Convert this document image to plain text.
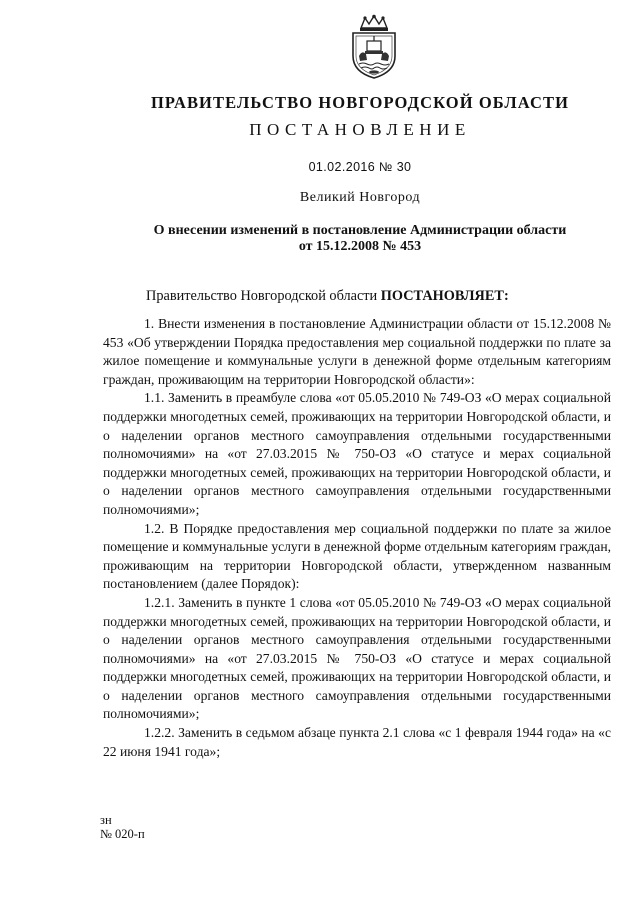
ПРАВИТЕЛЬСТВО НОВГОРОДСКОЙ ОБЛАСТИ
ПОСТАНОВЛЕНИЕ
01.02.2016 № 30
Великий Новгород
О внесении изменений в постановление Администрации области
от 15.12.2008 № 453
Правительство Новгородской области ПОСТАНОВЛЯЕТ:

1. Внести изменения в постановление Администрации области от 15.12.2008 № 453 «Об утверждении Порядка предоставления мер социальной поддержки по плате за жилое помещение и коммунальные услуги в денежной форме отдельным категориям граждан, проживающим на территории Новгородской области»:

1.1. Заменить в преамбуле слова «от 05.05.2010 № 749-ОЗ «О мерах социальной поддержки многодетных семей, проживающих на территории Новгородской области, и о наделении органов местного самоуправления отдельными государственными полномочиями» на «от 27.03.2015 № 750-ОЗ «О статусе и мерах социальной поддержки многодетных семей, проживающих на территории Новгородской области, и о наделении органов местного самоуправления отдельными государственными полномочиями»;

1.2. В Порядке предоставления мер социальной поддержки по плате за жилое помещение и коммунальные услуги в денежной форме отдельным категориям граждан, проживающим на территории Новгородской области, утвержденном названным постановлением (далее Порядок):

1.2.1. Заменить в пункте 1 слова «от 05.05.2010 № 749-ОЗ «О мерах социальной поддержки многодетных семей, проживающих на территории Новгородской области, и о наделении органов местного самоуправления отдельными государственными полномочиями» на «от 27.03.2015 № 750-ОЗ «О статусе и мерах социальной поддержки многодетных семей, проживающих на территории Новгородской области, и о наделении органов местного самоуправления отдельными государственными полномочиями»;

1.2.2. Заменить в седьмом абзаце пункта 2.1 слова «с 1 февраля 1944 года» на «с 22 июня 1941 года»;

зн
№ 020-п
